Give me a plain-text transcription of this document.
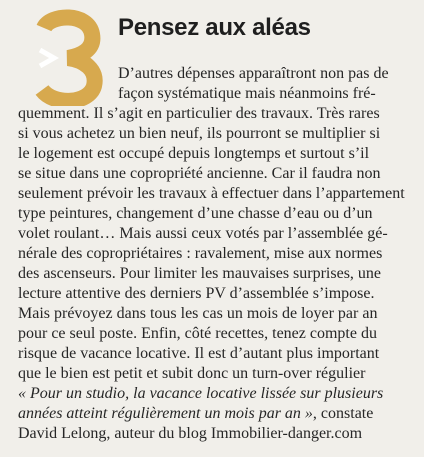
Pensez aux aléas
D’autres dépenses apparaîtront non pas de
façon systématique mais néanmoins fré-
quemment. Il s’agit en particulier des travaux. Très rares
si vous achetez un bien neuf, ils pourront se multiplier si
le logement est occupé depuis longtemps et surtout s’il
se situe dans une copropriété ancienne. Car il faudra non
seulement prévoir les travaux à effectuer dans l’appartement
type peintures, changement d’une chasse d’eau ou d’un
volet roulant… Mais aussi ceux votés par l’assemblée gé-
nérale des copropriétaires : ravalement, mise aux normes
des ascenseurs. Pour limiter les mauvaises surprises, une
lecture attentive des derniers PV d’assemblée s’impose.
Mais prévoyez dans tous les cas un mois de loyer par an
pour ce seul poste. Enfin, côté recettes, tenez compte du
risque de vacance locative. Il est d’autant plus important
que le bien est petit et subit donc un turn-over régulier
« Pour un studio, la vacance locative lissée sur plusieurs
années atteint régulièrement un mois par an », constate
David Lelong, auteur du blog Immobilier-danger.com
